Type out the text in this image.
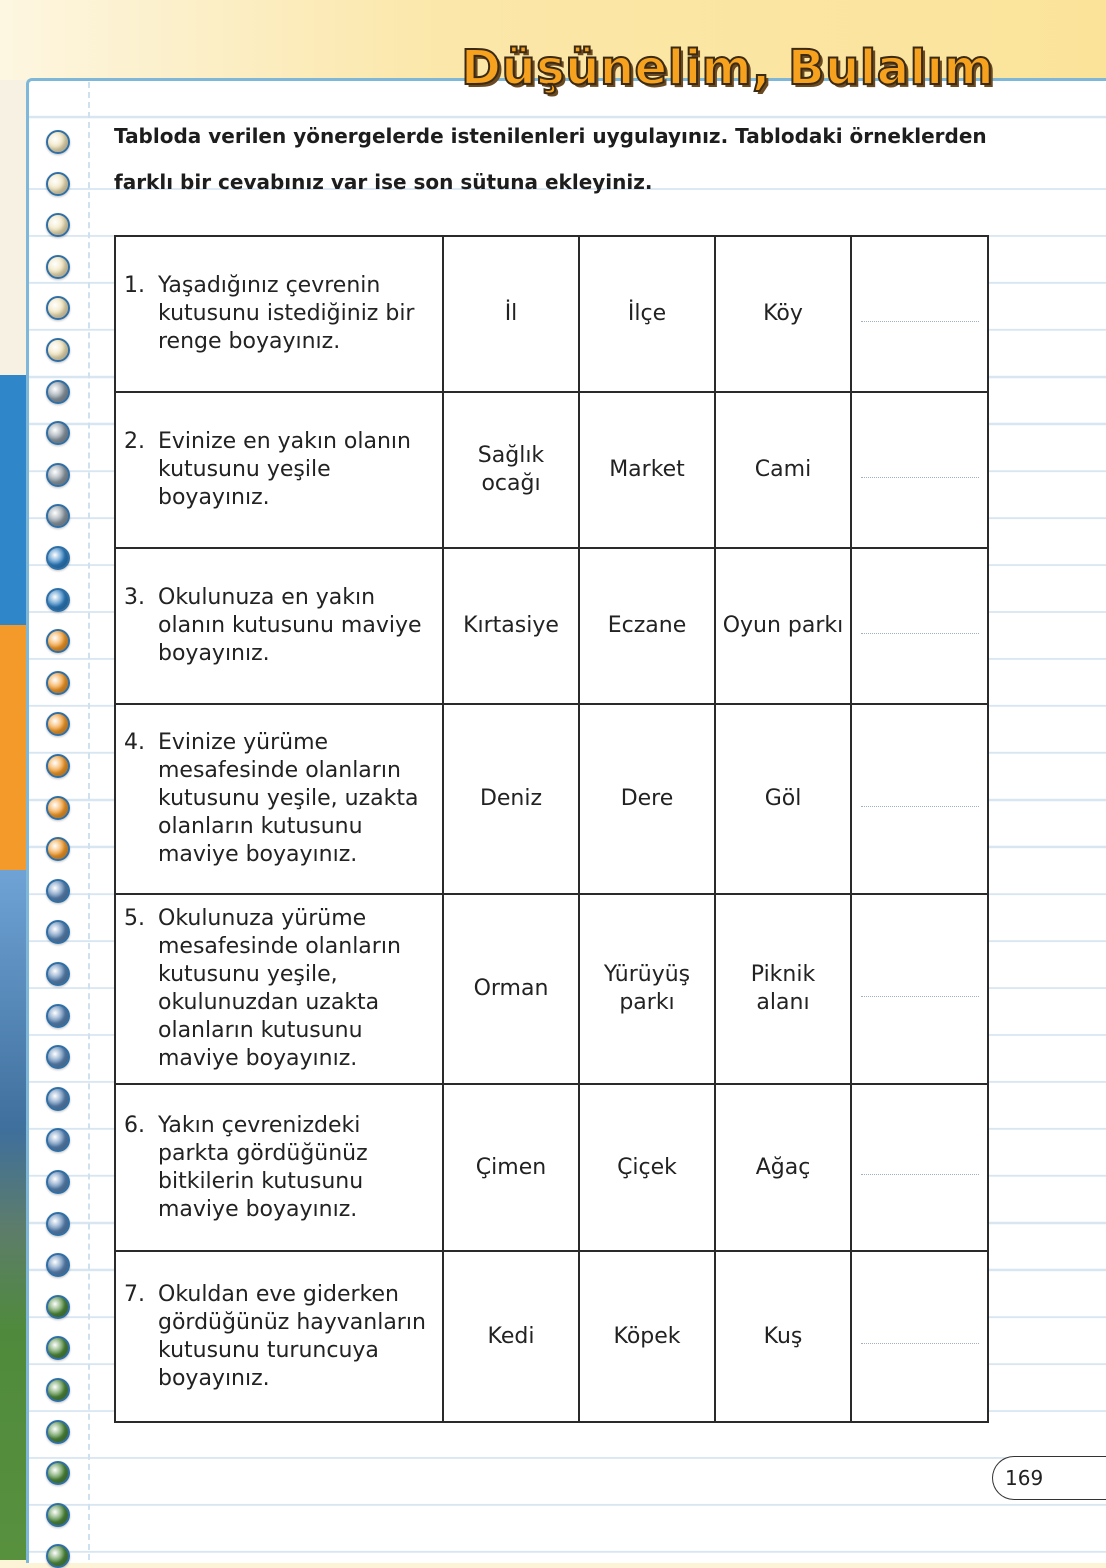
Düşünelim, Bulalım
Tabloda verilen yönergelerde istenilenleri uygulayınız. Tablodaki örneklerden
farklı bir cevabınız var ise son sütuna ekleyiniz.
1. Yaşadığınız çevrenin kutusunu istediğiniz bir renge boyayınız.	İl	İlçe	Köy	

2. Evinize en yakın olanın kutusunu yeşile boyayınız.	Sağlık ocağı	Market	Cami	

3. Okulunuza en yakın olanın kutusunu maviye boyayınız.	Kırtasiye	Eczane	Oyun parkı	

4. Evinize yürüme mesafesinde olanların kutusunu yeşile, uzakta olanların kutusunu maviye boyayınız.	Deniz	Dere	Göl	

5. Okulunuza yürüme mesafesinde olanların kutusunu yeşile, okulunuzdan uzakta olanların kutusunu maviye boyayınız.	Orman	Yürüyüş parkı	Piknik alanı	

6. Yakın çevrenizdeki parkta gördüğünüz bitkilerin kutusunu maviye boyayınız.	Çimen	Çiçek	Ağaç	

7. Okuldan eve giderken gördüğünüz hayvanların kutusunu turuncuya boyayınız.	Kedi	Köpek	Kuş	
169
